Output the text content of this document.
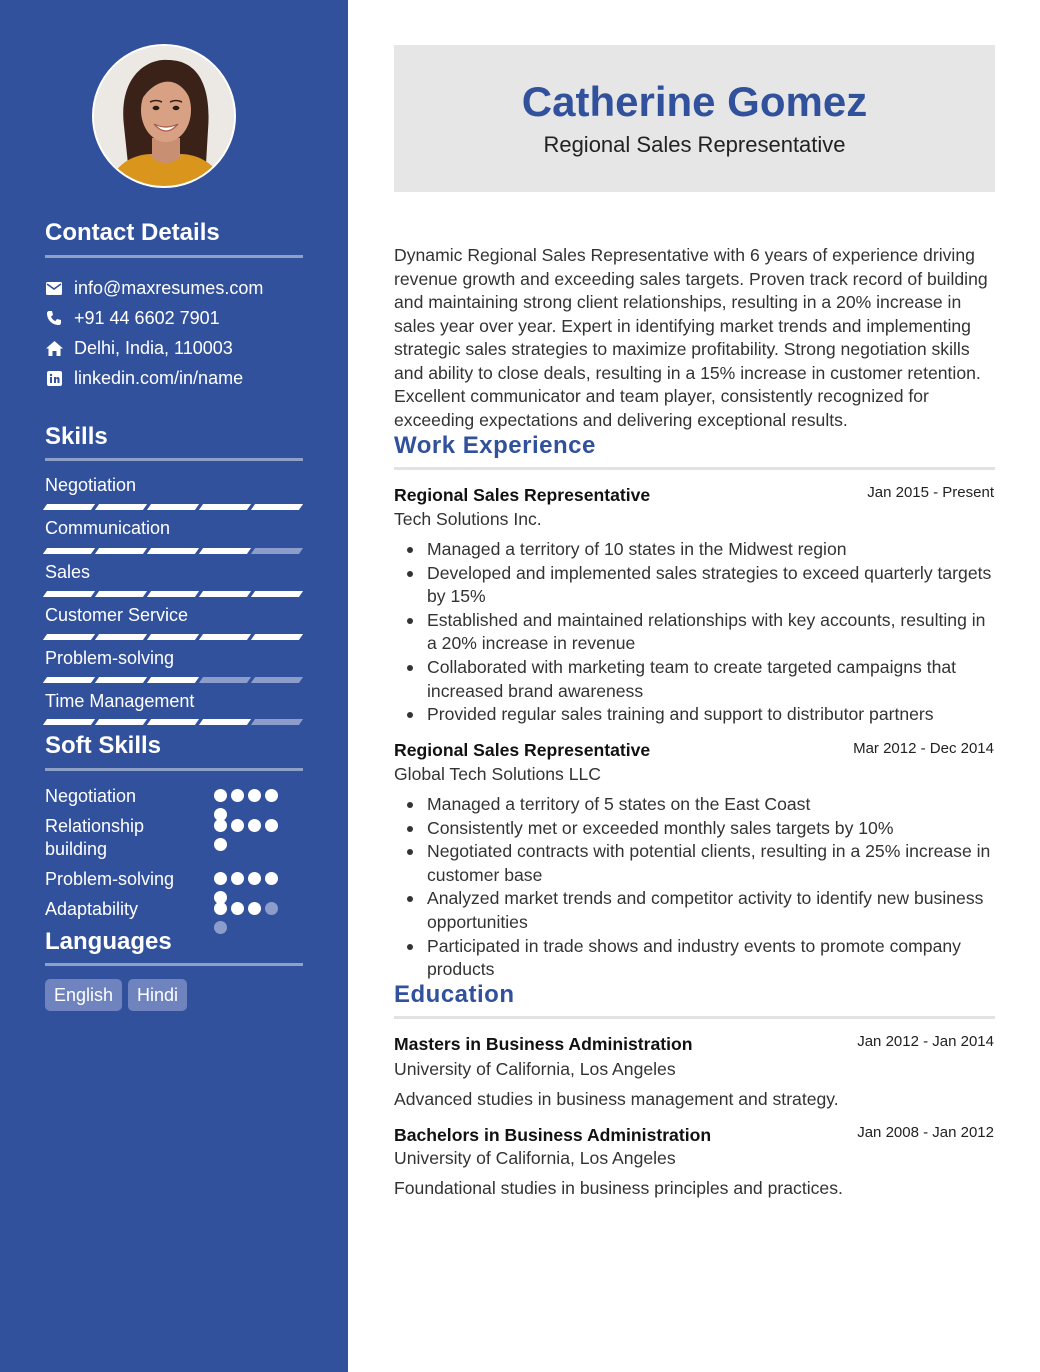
Contact Details
info@maxresumes.com
+91 44 6602 7901
Delhi, India, 110003
linkedin.com/in/name
Skills
Negotiation
Communication
Sales
Customer Service
Problem-solving
Time Management
Soft Skills
Negotiation
Relationship building
Problem-solving
Adaptability
Languages
English	Hindi
Catherine Gomez
Regional Sales Representative
Dynamic Regional Sales Representative with 6 years of experience driving revenue growth and exceeding sales targets. Proven track record of building and maintaining strong client relationships, resulting in a 20% increase in sales year over year. Expert in identifying market trends and implementing strategic sales strategies to maximize profitability. Strong negotiation skills and ability to close deals, resulting in a 15% increase in customer retention. Excellent communicator and team player, consistently recognized for exceeding expectations and delivering exceptional results.
Work Experience
Regional Sales Representative	Jan 2015 - Present
Tech Solutions Inc.
Managed a territory of 10 states in the Midwest region
Developed and implemented sales strategies to exceed quarterly targets by 15%
Established and maintained relationships with key accounts, resulting in a 20% increase in revenue
Collaborated with marketing team to create targeted campaigns that increased brand awareness
Provided regular sales training and support to distributor partners
Regional Sales Representative	Mar 2012 - Dec 2014
Global Tech Solutions LLC
Managed a territory of 5 states on the East Coast
Consistently met or exceeded monthly sales targets by 10%
Negotiated contracts with potential clients, resulting in a 25% increase in customer base
Analyzed market trends and competitor activity to identify new business opportunities
Participated in trade shows and industry events to promote company products
Education
Masters in Business Administration	Jan 2012 - Jan 2014
University of California, Los Angeles
Advanced studies in business management and strategy.
Bachelors in Business Administration	Jan 2008 - Jan 2012
University of California, Los Angeles
Foundational studies in business principles and practices.
